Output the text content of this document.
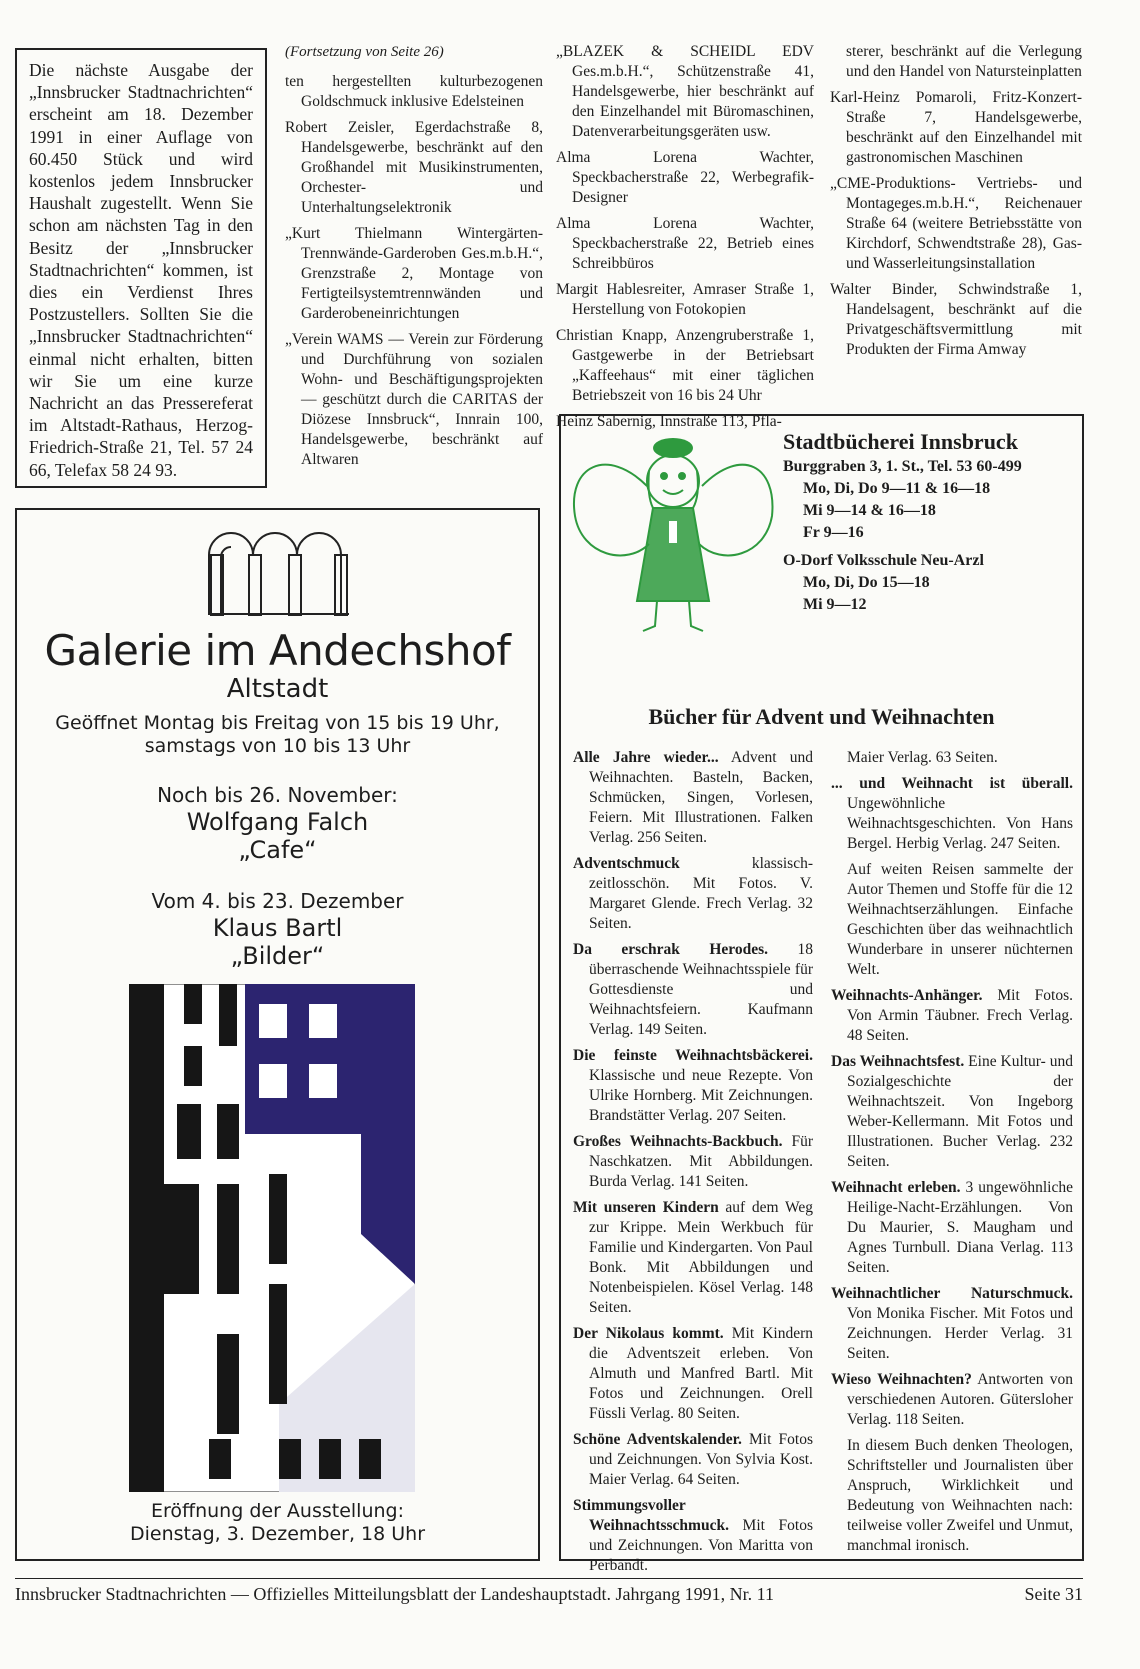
Die nächste Ausgabe der „Innsbrucker Stadtnachrichten“ erscheint am 18. Dezember 1991 in einer Auflage von 60.450 Stück und wird kostenlos jedem Innsbrucker Haushalt zugestellt. Wenn Sie schon am nächsten Tag in den Besitz der „Innsbrucker Stadtnachrichten“ kommen, ist dies ein Verdienst Ihres Postzustellers. Sollten Sie die „Innsbrucker Stadtnachrichten“ einmal nicht erhalten, bitten wir Sie um eine kurze Nachricht an das Pressereferat im Altstadt-Rathaus, Herzog-Friedrich-Straße 21, Tel. 57 24 66, Telefax 58 24 93.

(Fortsetzung von Seite 26)

ten hergestellten kulturbezogenen Goldschmuck inklusive Edelsteinen

Robert Zeisler, Egerdachstraße 8, Handelsgewerbe, beschränkt auf den Großhandel mit Musikinstrumenten, Orchester- und Unterhaltungselektronik

„Kurt Thielmann Wintergärten-Trennwände-Garderoben Ges.m.b.H.“, Grenzstraße 2, Montage von Fertigteilsystemtrennwänden und Garderobeneinrichtungen

„Verein WAMS — Verein zur Förderung und Durchführung von sozialen Wohn- und Beschäftigungsprojekten — geschützt durch die CARITAS der Diözese Innsbruck“, Innrain 100, Handelsgewerbe, beschränkt auf Altwaren

„BLAZEK & SCHEIDL EDV Ges.m.b.H.“, Schützenstraße 41, Handelsgewerbe, hier beschränkt auf den Einzelhandel mit Büromaschinen, Datenverarbeitungsgeräten usw.

Alma Lorena Wachter, Speckbacherstraße 22, Werbegrafik-Designer

Alma Lorena Wachter, Speckbacherstraße 22, Betrieb eines Schreibbüros

Margit Hablesreiter, Amraser Straße 1, Herstellung von Fotokopien

Christian Knapp, Anzengruberstraße 1, Gastgewerbe in der Betriebsart „Kaffeehaus“ mit einer täglichen Betriebszeit von 16 bis 24 Uhr

Heinz Sabernig, Innstraße 113, Pfla-

sterer, beschränkt auf die Verlegung und den Handel von Natursteinplatten

Karl-Heinz Pomaroli, Fritz-Konzert-Straße 7, Handelsgewerbe, beschränkt auf den Einzelhandel mit gastronomischen Maschinen

„CME-Produktions- Vertriebs- und Montageges.m.b.H.“, Reichenauer Straße 64 (weitere Betriebsstätte von Kirchdorf, Schwendtstraße 28), Gas- und Wasserleitungsinstallation

Walter Binder, Schwindstraße 1, Handelsagent, beschränkt auf die Privatgeschäftsvermittlung mit Produkten der Firma Amway

Galerie im Andechshof
Altstadt
Geöffnet Montag bis Freitag von 15 bis 19 Uhr,
samstags von 10 bis 13 Uhr
Noch bis 26. November:
Wolfgang Falch
„Cafe“
Vom 4. bis 23. Dezember
Klaus Bartl
„Bilder“
Eröffnung der Ausstellung:
Dienstag, 3. Dezember, 18 Uhr
Stadtbücherei Innsbruck
Burggraben 3, 1. St., Tel. 53 60-499
Mo, Di, Do 9—11 & 16—18
Mi 9—14 & 16—18
Fr 9—16
O-Dorf Volksschule Neu-Arzl
Mo, Di, Do 15—18
Mi 9—12
Bücher für Advent und Weihnachten

Alle Jahre wieder... Advent und Weihnachten. Basteln, Backen, Schmücken, Singen, Vorlesen, Feiern. Mit Illustrationen. Falken Verlag. 256 Seiten.

Adventschmuck klassisch-zeitlosschön. Mit Fotos. V. Margaret Glende. Frech Verlag. 32 Seiten.

Da erschrak Herodes. 18 überraschende Weihnachtsspiele für Gottesdienste und Weihnachtsfeiern. Kaufmann Verlag. 149 Seiten.

Die feinste Weihnachtsbäckerei. Klassische und neue Rezepte. Von Ulrike Hornberg. Mit Zeichnungen. Brandstätter Verlag. 207 Seiten.

Großes Weihnachts-Backbuch. Für Naschkatzen. Mit Abbildungen. Burda Verlag. 141 Seiten.

Mit unseren Kindern auf dem Weg zur Krippe. Mein Werkbuch für Familie und Kindergarten. Von Paul Bonk. Mit Abbildungen und Notenbeispielen. Kösel Verlag. 148 Seiten.

Der Nikolaus kommt. Mit Kindern die Adventszeit erleben. Von Almuth und Manfred Bartl. Mit Fotos und Zeichnungen. Orell Füssli Verlag. 80 Seiten.

Schöne Adventskalender. Mit Fotos und Zeichnungen. Von Sylvia Kost. Maier Verlag. 64 Seiten.

Stimmungsvoller Weihnachtsschmuck. Mit Fotos und Zeichnungen. Von Maritta von Perbandt.

Maier Verlag. 63 Seiten.

... und Weihnacht ist überall. Ungewöhnliche Weihnachtsgeschichten. Von Hans Bergel. Herbig Verlag. 247 Seiten.

Auf weiten Reisen sammelte der Autor Themen und Stoffe für die 12 Weihnachtserzählungen. Einfache Geschichten über das weihnachtlich Wunderbare in unserer nüchternen Welt.

Weihnachts-Anhänger. Mit Fotos. Von Armin Täubner. Frech Verlag. 48 Seiten.

Das Weihnachtsfest. Eine Kultur- und Sozialgeschichte der Weihnachtszeit. Von Ingeborg Weber-Kellermann. Mit Fotos und Illustrationen. Bucher Verlag. 232 Seiten.

Weihnacht erleben. 3 ungewöhnliche Heilige-Nacht-Erzählungen. Von Du Maurier, S. Maugham und Agnes Turnbull. Diana Verlag. 113 Seiten.

Weihnachtlicher Naturschmuck. Von Monika Fischer. Mit Fotos und Zeichnungen. Herder Verlag. 31 Seiten.

Wieso Weihnachten? Antworten von verschiedenen Autoren. Gütersloher Verlag. 118 Seiten.

In diesem Buch denken Theologen, Schriftsteller und Journalisten über Anspruch, Wirklichkeit und Bedeutung von Weihnachten nach: teilweise voller Zweifel und Unmut, manchmal ironisch.

Innsbrucker Stadtnachrichten — Offizielles Mitteilungsblatt der Landeshauptstadt. Jahrgang 1991, Nr. 11	Seite 31
